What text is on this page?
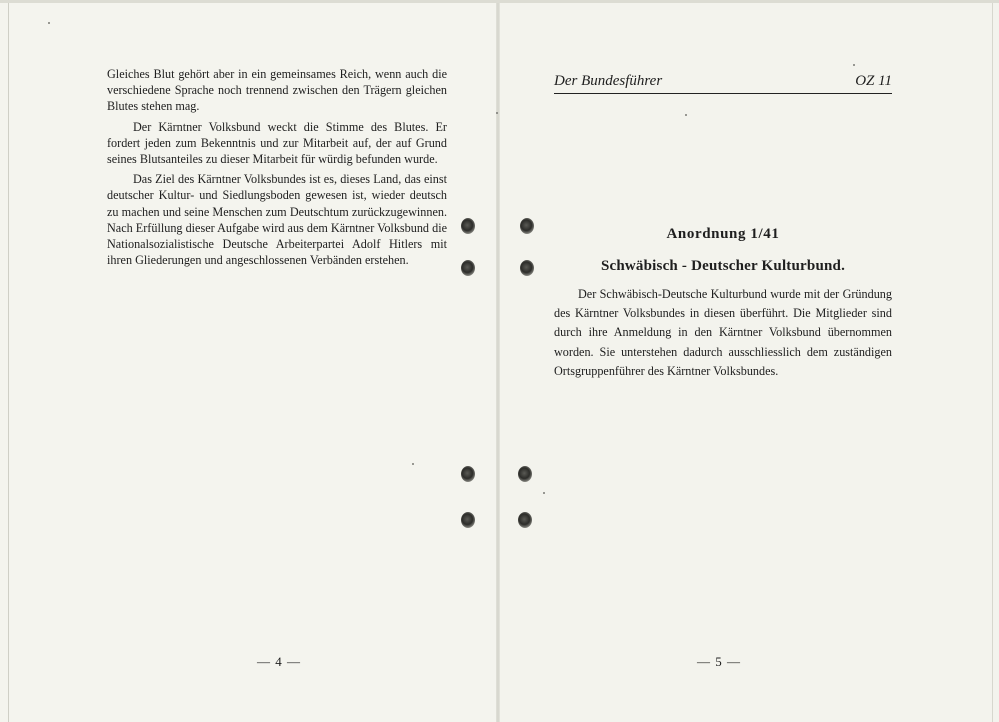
Gleiches Blut gehört aber in ein gemeinsames Reich, wenn auch die verschiedene Sprache noch trennend zwischen den Trägern gleichen Blutes stehen mag.

Der Kärntner Volksbund weckt die Stimme des Blutes. Er fordert jeden zum Bekenntnis und zur Mitarbeit auf, der auf Grund seines Blutsanteiles zu dieser Mitarbeit für würdig befunden wurde.

Das Ziel des Kärntner Volksbundes ist es, dieses Land, das einst deutscher Kultur- und Siedlungsboden gewesen ist, wieder deutsch zu machen und seine Menschen zum Deutschtum zurückzugewinnen. Nach Erfüllung dieser Aufgabe wird aus dem Kärntner Volksbund die Nationalsozialistische Deutsche Arbeiterpartei Adolf Hitlers mit ihren Gliederungen und angeschlossenen Verbänden erstehen.

— 4 —
Der Bundesführer	OZ 11
Anordnung 1/41
Schwäbisch - Deutscher Kulturbund.

Der Schwäbisch-Deutsche Kulturbund wurde mit der Gründung des Kärntner Volksbundes in diesen überführt. Die Mitglieder sind durch ihre Anmeldung in den Kärntner Volksbund übernommen worden. Sie unterstehen dadurch ausschliesslich dem zuständigen Ortsgruppenführer des Kärntner Volksbundes.

— 5 —
